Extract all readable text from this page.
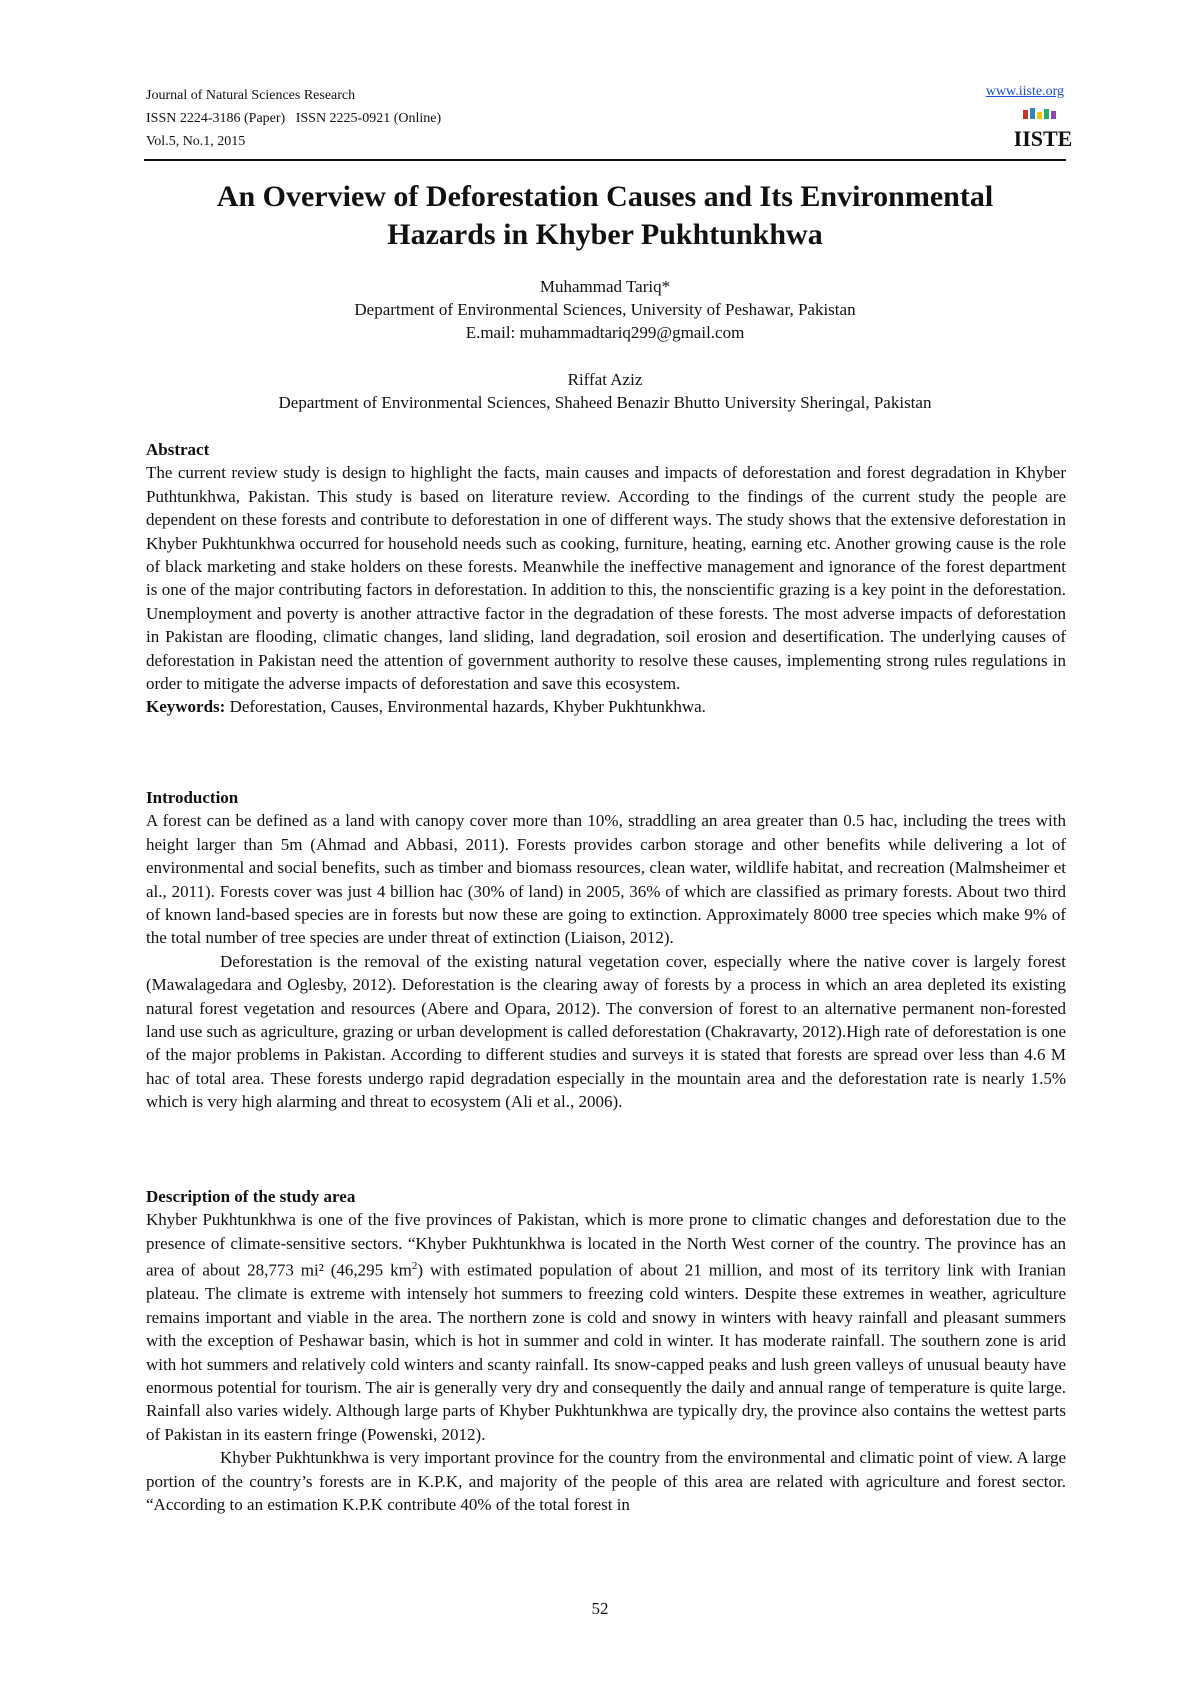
Journal of Natural Sciences Research
ISSN 2224-3186 (Paper)   ISSN 2225-0921 (Online)
Vol.5, No.1, 2015
www.iiste.org
IISTE
An Overview of Deforestation Causes and Its Environmental
Hazards in Khyber Pukhtunkhwa
Muhammad Tariq*
Department of Environmental Sciences, University of Peshawar, Pakistan
E.mail: muhammadtariq299@gmail.com
Riffat Aziz
Department of Environmental Sciences, Shaheed Benazir Bhutto University Sheringal, Pakistan

Abstract

The current review study is design to highlight the facts, main causes and impacts of deforestation and forest degradation in Khyber Puthtunkhwa, Pakistan. This study is based on literature review. According to the findings of the current study the people are dependent on these forests and contribute to deforestation in one of different ways. The study shows that the extensive deforestation in Khyber Pukhtunkhwa occurred for household needs such as cooking, furniture, heating, earning etc. Another growing cause is the role of black marketing and stake holders on these forests. Meanwhile the ineffective management and ignorance of the forest department is one of the major contributing factors in deforestation. In addition to this, the nonscientific grazing is a key point in the deforestation. Unemployment and poverty is another attractive factor in the degradation of these forests. The most adverse impacts of deforestation in Pakistan are flooding, climatic changes, land sliding, land degradation, soil erosion and desertification. The underlying causes of deforestation in Pakistan need the attention of government authority to resolve these causes, implementing strong rules regulations in order to mitigate the adverse impacts of deforestation and save this ecosystem.

Keywords: Deforestation, Causes, Environmental hazards, Khyber Pukhtunkhwa.

Introduction

A forest can be defined as a land with canopy cover more than 10%, straddling an area greater than 0.5 hac, including the trees with height larger than 5m (Ahmad and Abbasi, 2011). Forests provides carbon storage and other benefits while delivering a lot of environmental and social benefits, such as timber and biomass resources, clean water, wildlife habitat, and recreation (Malmsheimer et al., 2011). Forests cover was just 4 billion hac (30% of land) in 2005, 36% of which are classified as primary forests. About two third of known land-based species are in forests but now these are going to extinction. Approximately 8000 tree species which make 9% of the total number of tree species are under threat of extinction (Liaison, 2012).

Deforestation is the removal of the existing natural vegetation cover, especially where the native cover is largely forest (Mawalagedara and Oglesby, 2012). Deforestation is the clearing away of forests by a process in which an area depleted its existing natural forest vegetation and resources (Abere and Opara, 2012). The conversion of forest to an alternative permanent non-forested land use such as agriculture, grazing or urban development is called deforestation (Chakravarty, 2012).High rate of deforestation is one of the major problems in Pakistan. According to different studies and surveys it is stated that forests are spread over less than 4.6 M hac of total area. These forests undergo rapid degradation especially in the mountain area and the deforestation rate is nearly 1.5% which is very high alarming and threat to ecosystem (Ali et al., 2006).

Description of the study area

Khyber Pukhtunkhwa is one of the five provinces of Pakistan, which is more prone to climatic changes and deforestation due to the presence of climate-sensitive sectors. “Khyber Pukhtunkhwa is located in the North West corner of the country. The province has an area of about 28,773 mi² (46,295 $km^2$) with estimated population of about 21 million, and most of its territory link with Iranian plateau. The climate is extreme with intensely hot summers to freezing cold winters. Despite these extremes in weather, agriculture remains important and viable in the area. The northern zone is cold and snowy in winters with heavy rainfall and pleasant summers with the exception of Peshawar basin, which is hot in summer and cold in winter. It has moderate rainfall. The southern zone is arid with hot summers and relatively cold winters and scanty rainfall. Its snow-capped peaks and lush green valleys of unusual beauty have enormous potential for tourism. The air is generally very dry and consequently the daily and annual range of temperature is quite large. Rainfall also varies widely. Although large parts of Khyber Pukhtunkhwa are typically dry, the province also contains the wettest parts of Pakistan in its eastern fringe (Powenski, 2012).

Khyber Pukhtunkhwa is very important province for the country from the environmental and climatic point of view. A large portion of the country’s forests are in K.P.K, and majority of the people of this area are related with agriculture and forest sector. “According to an estimation K.P.K contribute 40% of the total forest in

52
